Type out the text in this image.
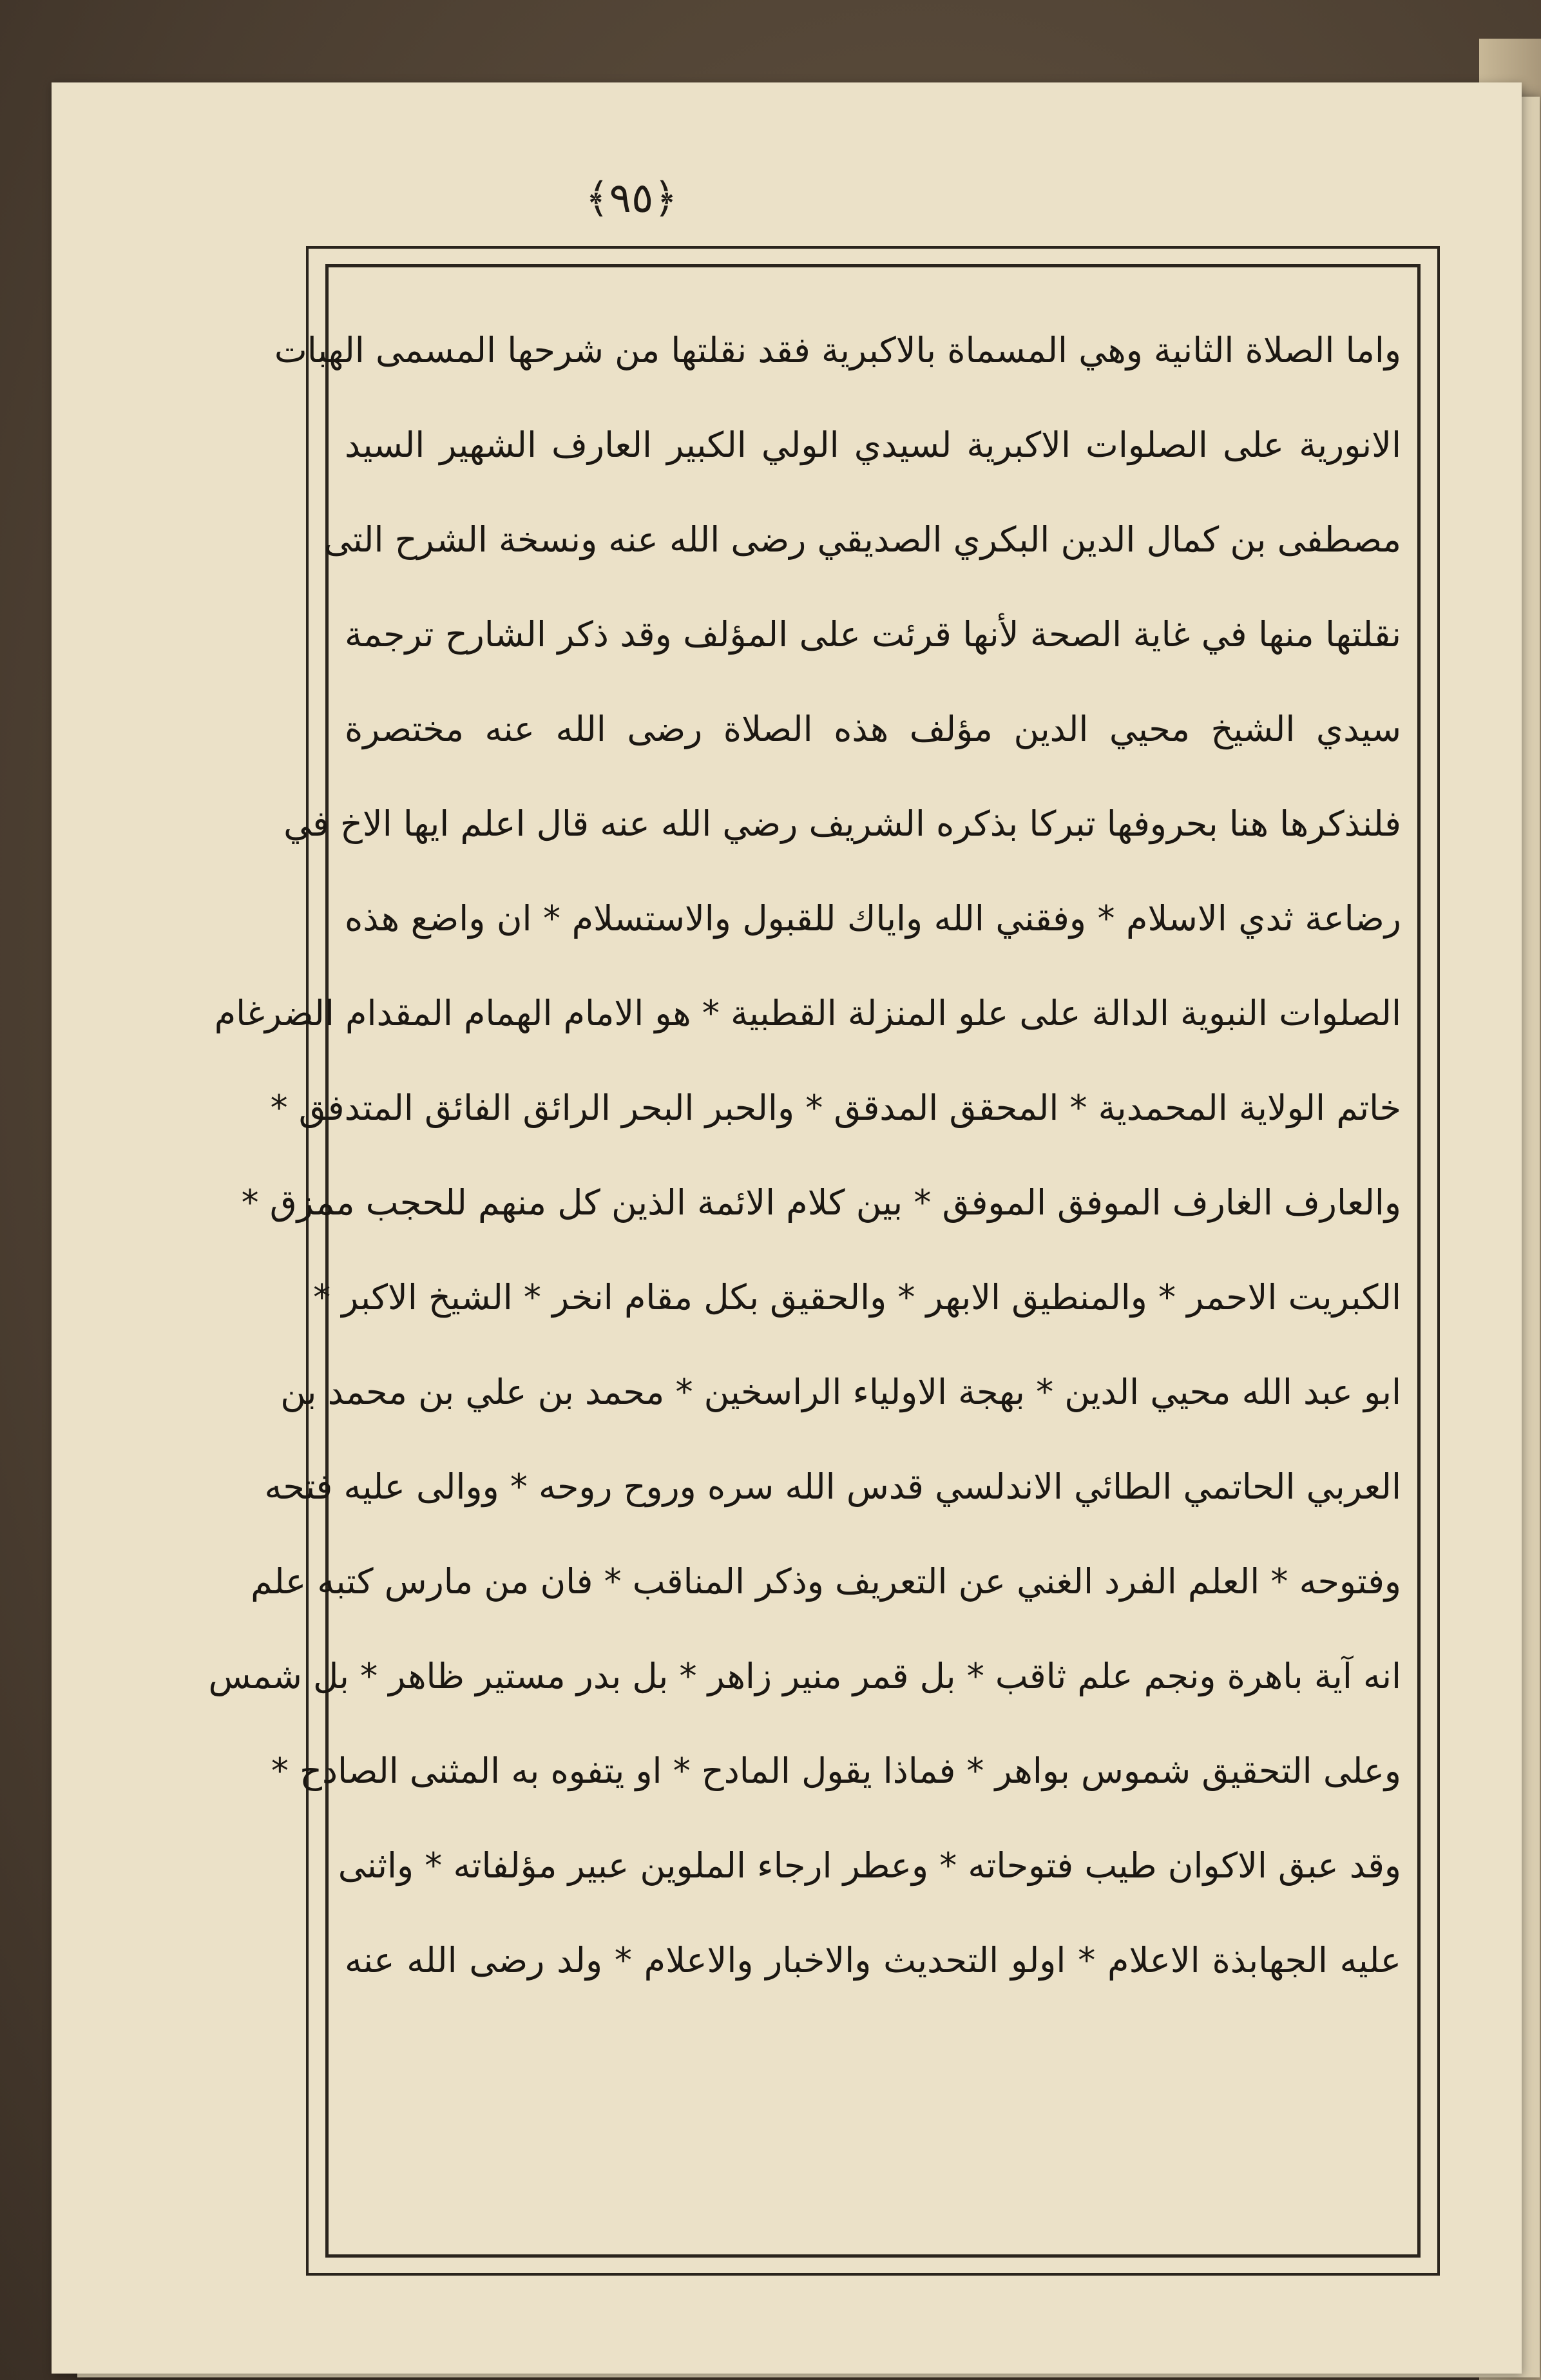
﴿٩٥﴾
واما الصلاة الثانية وهي المسماة بالاكبرية فقد نقلتها من شرحها المسمى الهبات
الانورية على الصلوات الاكبرية لسيدي الولي الكبير العارف الشهير السيد
مصطفى بن كمال الدين البكري الصديقي رضى الله عنه ونسخة الشرح التى
نقلتها منها في غاية الصحة لأنها قرئت على المؤلف وقد ذكر الشارح ترجمة
سيدي الشيخ محيي الدين مؤلف هذه الصلاة رضى الله عنه مختصرة
فلنذكرها هنا بحروفها تبركا بذكره الشريف رضي الله عنه قال اعلم ايها الاخ في
رضاعة ثدي الاسلام * وفقني الله واياك للقبول والاستسلام * ان واضع هذه
الصلوات النبوية الدالة على علو المنزلة القطبية * هو الامام الهمام المقدام الضرغام
خاتم الولاية المحمدية * المحقق المدقق * والحبر البحر الرائق الفائق المتدفق *
والعارف الغارف الموفق الموفق * بين كلام الائمة الذين كل منهم للحجب ممزق *
الكبريت الاحمر * والمنطيق الابهر * والحقيق بكل مقام انخر * الشيخ الاكبر *
ابو عبد الله محيي الدين * بهجة الاولياء الراسخين * محمد بن علي بن محمد بن
العربي الحاتمي الطائي الاندلسي قدس الله سره وروح روحه * ووالى عليه فتحه
وفتوحه * العلم الفرد الغني عن التعريف وذكر المناقب * فان من مارس كتبه علم
انه آية باهرة ونجم علم ثاقب * بل قمر منير زاهر * بل بدر مستير ظاهر * بل شمس
وعلى التحقيق شموس بواهر * فماذا يقول المادح * او يتفوه به المثنى الصادح *
وقد عبق الاكوان طيب فتوحاته * وعطر ارجاء الملوين عبير مؤلفاته * واثنى
عليه الجهابذة الاعلام * اولو التحديث والاخبار والاعلام * ولد رضى الله عنه
